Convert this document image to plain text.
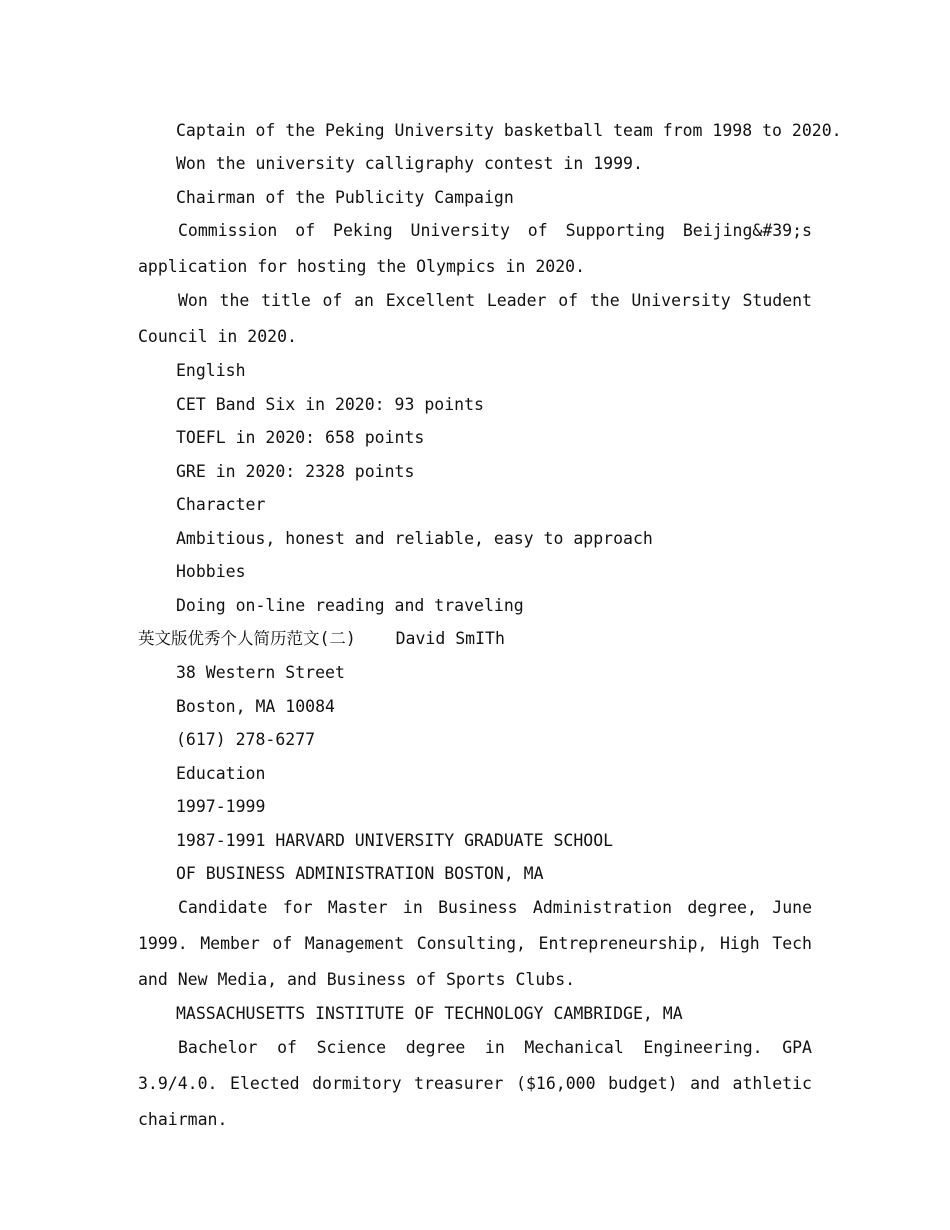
Captain of the Peking University basketball team from 1998 to 2020.
Won the university calligraphy contest in 1999.
Chairman of the Publicity Campaign
Commission of Peking University of Supporting Beijing&#39;s application for hosting the Olympics in 2020.
Won the title of an Excellent Leader of the University Student Council in 2020.
English
CET Band Six in 2020: 93 points
TOEFL in 2020: 658 points
GRE in 2020: 2328 points
Character
Ambitious, honest and reliable, easy to approach
Hobbies
Doing on-line reading and traveling
英文版优秀个人简历范文(二)    David SmITh
38 Western Street
Boston, MA 10084
(617) 278-6277
Education
1997-1999
1987-1991 HARVARD UNIVERSITY GRADUATE SCHOOL
OF BUSINESS ADMINISTRATION BOSTON, MA
Candidate for Master in Business Administration degree, June 1999. Member of Management Consulting, Entrepreneurship, High Tech and New Media, and Business of Sports Clubs.
MASSACHUSETTS INSTITUTE OF TECHNOLOGY CAMBRIDGE, MA
Bachelor of Science degree in Mechanical Engineering. GPA 3.9/4.0. Elected dormitory treasurer ($16,000 budget) and athletic chairman.
